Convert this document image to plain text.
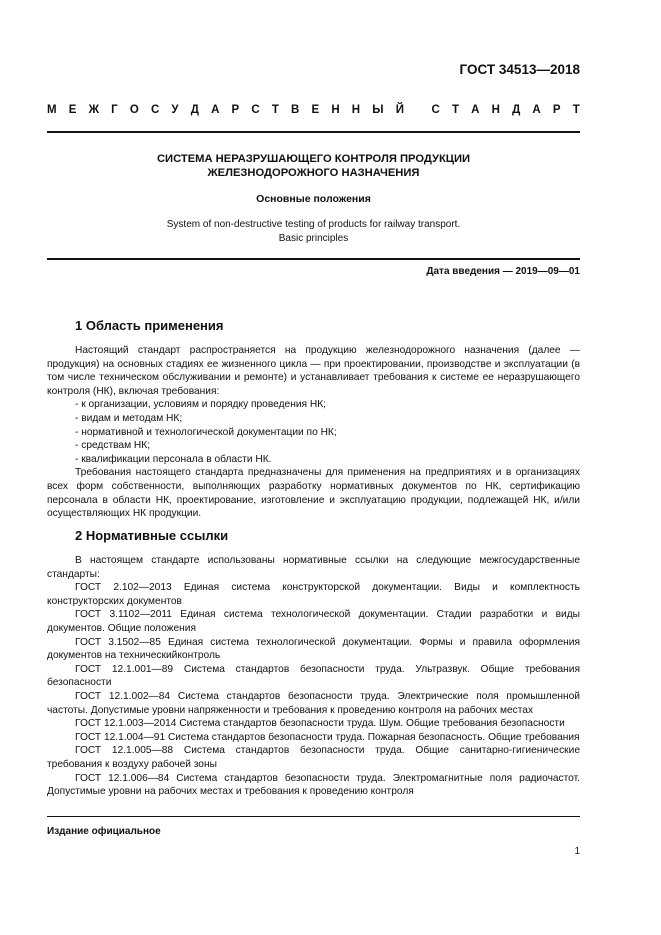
ГОСТ 34513—2018
М Е Ж Г О С У Д А Р С Т В Е Н Н Ы Й
С Т А Н Д А Р Т
СИСТЕМА НЕРАЗРУШАЮЩЕГО КОНТРОЛЯ ПРОДУКЦИИ
ЖЕЛЕЗНОДОРОЖНОГО НАЗНАЧЕНИЯ
Основные положения
System of non-destructive testing of products for railway transport.
Basic principles
Дата введения — 2019—09—01
1 Область применения

Настоящий стандарт распространяется на продукцию железнодорожного назначения (далее — продукция) на основных стадиях ее жизненного цикла — при проектировании, производстве и эксплуатации (в том числе техническом обслуживании и ремонте) и устанавливает требования к системе ее неразрушающего контроля (НК), включая требования:

- к организации, условиям и порядку проведения НК;

- видам и методам НК;

- нормативной и технологической документации по НК;

- средствам НК;

- квалификации персонала в области НК.

Требования настоящего стандарта предназначены для применения на предприятиях и в организациях всех форм собственности, выполняющих разработку нормативных документов по НК, сертификацию персонала в области НК, проектирование, изготовление и эксплуатацию продукции, подлежащей НК, и/или осуществляющих НК продукции.

2 Нормативные ссылки

В настоящем стандарте использованы нормативные ссылки на следующие межгосударственные стандарты:

ГОСТ 2.102—2013 Единая система конструкторской документации. Виды и комплектность конструкторских документов

ГОСТ 3.1102—2011 Единая система технологической документации. Стадии разработки и виды документов. Общие положения

ГОСТ 3.1502—85 Единая система технологической документации. Формы и правила оформления документов на техническийконтроль

ГОСТ 12.1.001—89 Система стандартов безопасности труда. Ультразвук. Общие требования безопасности

ГОСТ 12.1.002—84 Система стандартов безопасности труда. Электрические поля промышленной частоты. Допустимые уровни напряженности и требования к проведению контроля на рабочих местах

ГОСТ 12.1.003—2014 Система стандартов безопасности труда. Шум. Общие требования безопасности

ГОСТ 12.1.004—91 Система стандартов безопасности труда. Пожарная безопасность. Общие требования

ГОСТ 12.1.005—88 Система стандартов безопасности труда. Общие санитарно-гигиенические требования к воздуху рабочей зоны

ГОСТ 12.1.006—84 Система стандартов безопасности труда. Электромагнитные поля радиочастот. Допустимые уровни на рабочих местах и требования к проведению контроля

Издание официальное
1
